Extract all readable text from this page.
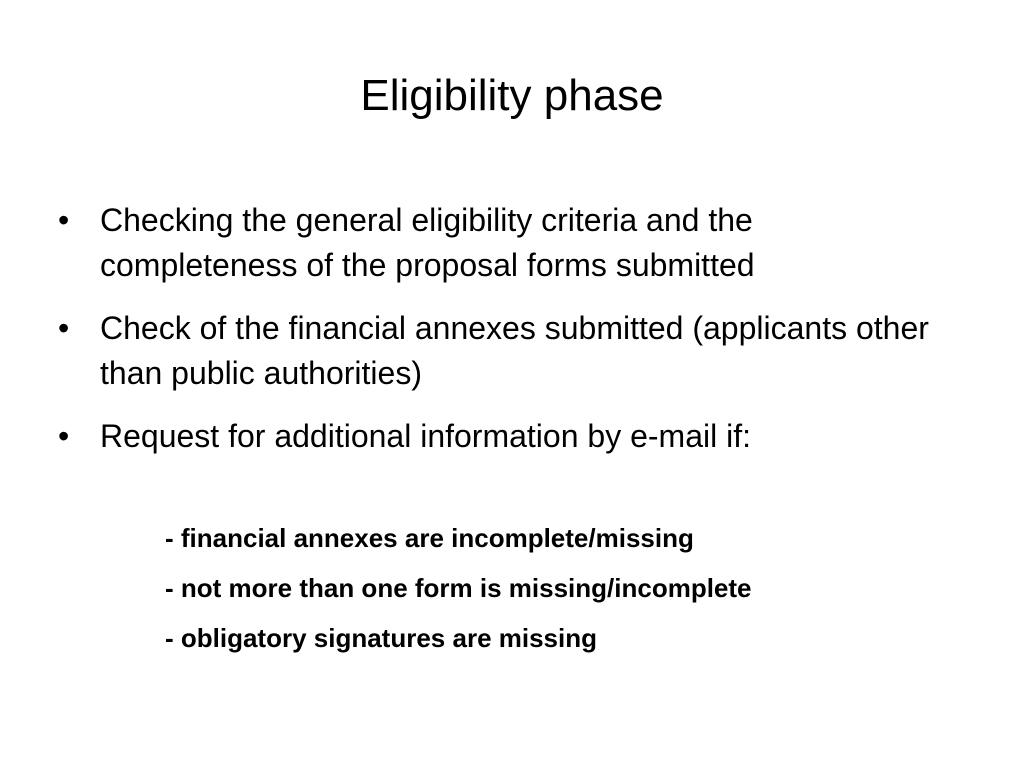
Eligibility phase
• Checking the general eligibility criteria and the completeness of the proposal forms submitted
• Check of the financial annexes submitted (applicants other than public authorities)
• Request for additional information by e-mail if:
- financial annexes are incomplete/missing
- not more than one form is missing/incomplete
- obligatory signatures are missing
